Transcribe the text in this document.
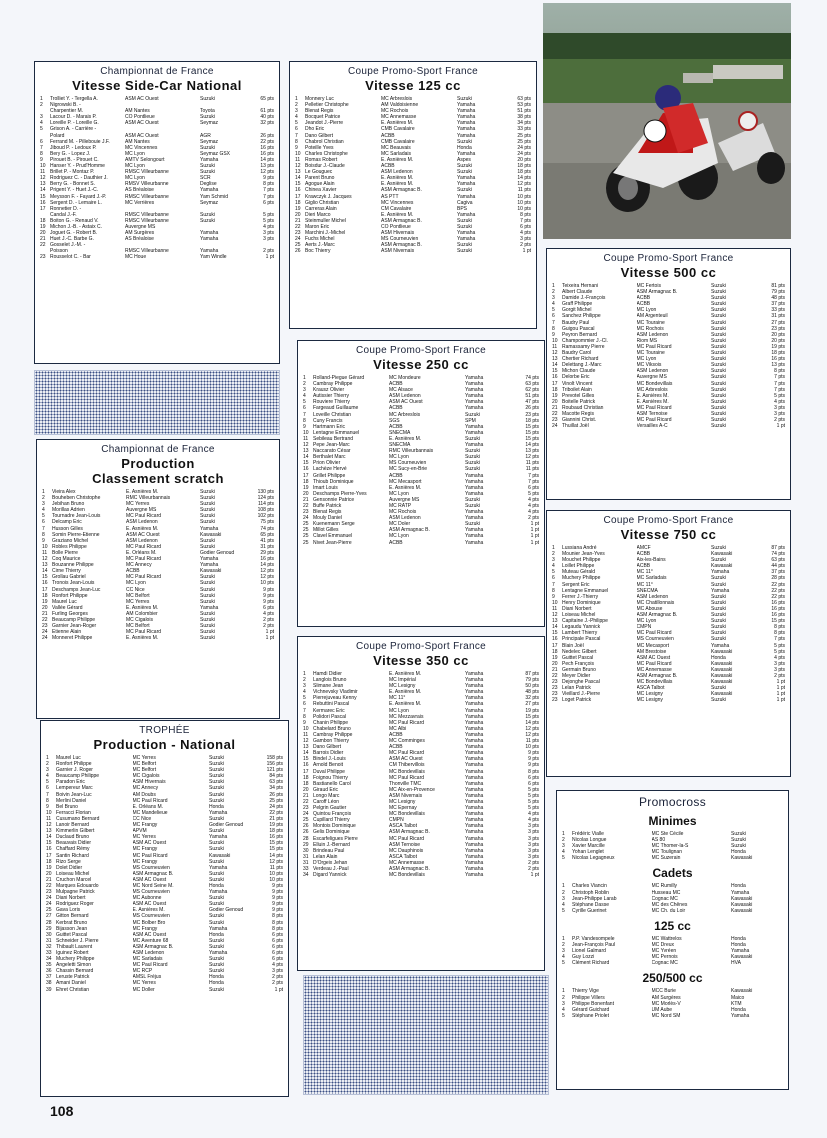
Championnat de France
Vitesse Side-Car National
1	Trolliet Y. - Tergella A.	ASM AC Ouest	Suzuki	65 pts
2	Nigrowski B. -
Charpentier M.	AM Nantes	Toyota	61 pts
3	Lacour D. - Marais P.	CO Pontlieue	Suzuki	40 pts
4	Loreille P. - Loreille G.	ASM AC Ouest	Seymaz	32 pts
5	Grison A. - Carrière -
Polard	ASM AC Ouest	AGR	26 pts
6	Ferrand M. - Pillebouie J.F.	AM Nantes	Seymaz	22 pts
7	Jiboud P. - Ledoux P.	MC Vincennes	Suzuki	16 pts
8	Bery G. - Lopez J.	MC Lyon	Seymaz GSX	16 pts
9	Pirouet B. - Pirouet C.	AMTV Selongourt	Yamaha	14 pts
10 Hanser Y. - Prud'Homme	MC Lyon	Suzuki	13 pts
11 Brillet P. - Montaz P.	RMSC Villeurbanne	Suzuki	12 pts
12 Rodriguez C. - Dauthier J.	MC Lyon	SCR	9 pts
13 Berry G. - Bonnet S.	RMSV Villeurbanne	Deglise	8 pts
14 Prigent Y. - Huet J.-C.	AS Bréaloise	Yamaha	7 pts
15 Meysson F. - Fayard J.-P.	RMSC Villeurbanne	Yam Schmid	7 pts
16 Sergent D. - Lemaire L.	MC Verrières	Seymaz	6 pts
17 Ronnetier D. -
Candal J.-F.	RMSC Villeurbanne	Suzuki	5 pts
18 Boiton G. - Renaud V.	RMSC Villeurbanne	Suzuki	5 pts
19 Michon J.-B. - Astaix C.	Auvergne MS	4 pts
20 Joguet G. - Robert B.	AM Surgères	Yamaha	3 pts
21 Huet J.-C. Barbe G.	AS Bréaloise	Yamaha	3 pts
22 Gosselet J.-M. -
Poisson	RMSC Villeurbanne	Yamaha	2 pts
23 Rousselot C. - Bar	MC Houe	Yam Windle	1 pt
Championnat de France
Production
Classement scratch
1	Vieira Alex	E. Asnières M.	Suzuki	130 pts
2	Bouheben Christophe	RMC Villeurbannais	Suzuki	124 pts
3	Jebihan Bruno	MC Yerres	Suzuki	114 pts
4	Morillas Adrien	Auvergne MS	Suzuki	108 pts
5	Tournadre Jean-Louis	MC Paul Ricard	Suzuki	102 pts
6	Delcamp Eric	ASM Ledenon	Suzuki	75 pts
7	Husson Gilles	E. Asnières M.	Yamaha	74 pts
8	Somin Pierre-Etienne	ASM AC Ouest	Kawasaki	65 pts
9	Graziano Michel	ASM Ledenon	Suzuki	41 pts
10 Robles Philippe	MC Paul Ricard	Suzuki	31 pts
11 Bolle Pierre	E. Orléans M.	Godier Genoud	29 pts
12 Coq Maurice	MC Paul Ricard	Yamaha	16 pts
13 Bouzanne Philippe	MC Annecy	Yamaha	14 pts
14 Cirne Thierry	ACBB	Kawasaki	12 pts
15 Grollau Gabriel	MC Paul Ricard	Suzuki	12 pts
16 Tronois Jean-Louis	MC Lyon	Suzuki	10 pts
17 Deschamps Jean-Luc	CC Nice	Suzuki	9 pts
18 Ronfort Philippe	MC Belfort	Suzuki	9 pts
19 Maurel Luc	MC Yerres	Suzuki	9 pts
20 Vallée Gérard	E. Asnières M.	Yamaha	6 pts
21 Furling Georges	AM Colombier	Suzuki	4 pts
22 Beaucamp Philippe	MC Cigalois	Suzuki	2 pts
23 Garnier Jean-Roger	MC Belfort	Suzuki	2 pts
24 Etienne Alain	MC Paul Ricard	Suzuki	1 pt
24 Monneret Philippe	E. Asnières M.	Suzuki	1 pt
TROPHÉE
Production - National
1	Maurel Luc	MC Yerres	Suzuki	158 pts
2	Ronfort Philippe	MC Belfort	Suzuki	156 pts
3	Garnier J. Roger	MC Belfort	Suzuki	121 pts
4	Beaucamp Philippe	MC Cigalois	Suzuki	84 pts
5	Paradon Eric	ASM Hivernais	Suzuki	63 pts
6	Lempereur Marc	MC Annecy	Suzuki	34 pts
7	Boivin Jean-Luc	AM Doubs	Suzuki	26 pts
8	Merlini Daniel	MC Paul Ricard	Suzuki	25 pts
9	Bel Bruno	E. Orléans M.	Honda	24 pts
10 Ferracci Florian	MC Mandelieue	Yamaha	22 pts
11 Cusumano Bernard	CC Nice	Suzuki	21 pts
12 Lanoir Bernard	MC Frangy	Godier Genoud	19 pts
13 Kimmerlin Gilbert	APVM	Suzuki	18 pts
14 Duclaud Bruno	MC Yerres	Yamaha	16 pts
15 Beauvais Didier	ASM AC Ouest	Suzuki	15 pts
16 Chaffard Rémy	MC Frangy	Suzuki	15 pts
17 Santin Richard	MC Paul Ricard	Kawasaki	14 pts
18 Rizo Serge	MC Frangy	Suzuki	12 pts
19 Dolet Didier	MS Courneuvien	Yamaha	11 pts
20 Loiseau Michel	ASM Armagnac B.	Suzuki	10 pts
21 Cruchon Marcel	ASM AC Ouest	Suzuki	10 pts
22 Marques Edouardo	MC Nord Seine M.	Honda	9 pts
23 Mulpagne Patrick	MS Courneuvien	Yamaha	9 pts
24 Diani Norbert	MC Aubonne	Suzuki	9 pts
24 Rodriguez Roger	ASM AC Ouest	Suzuki	9 pts
25 Gava Loris	E. Asnières M.	Godier Genoud	9 pts
27 Gitton Bernard	MS Courneuvien	Suzuki	8 pts
28 Kerbrat Bruno	MC Bolber Bro	Suzuki	8 pts
29 Bijasson Jean	MC Frangy	Yamaha	8 pts
30 Guittet Pascal	ASM AC Ouest	Honda	6 pts
31 Schneider J. Pierre	MC Aventure 68	Suzuki	6 pts
32 Thibault Laurent	ASM Armagnac B.	Suzuki	6 pts
33 Iguinez Robert	ASM Ledenon	Yamaha	6 pts
34 Muchery Philippe	MC Sarladais	Suzuki	6 pts
35 Angeletti Simon	MC Paul Ricard	Suzuki	4 pts
36 Chassin Bernard	MC RCP	Suzuki	3 pts
37 Leruste Patrick	AMSL Fréjus	Honda	2 pts
38 Amani Daniel	MC Yerres	Honda	2 pts
39 Ehret Christian	MC Doller	Suzuki	1 pt
Coupe Promo-Sport France
Vitesse 125 cc
1	Monnery Luc	MC Arbreslois	Suzuki	63 pts
2	Pelletier Christophe	AM Valdoisienne	Yamaha	53 pts
3	Blenat Regis	MC Rochois	Yamaha	51 pts
4	Bocquet Patrice	MC Annemasse	Yamaha	38 pts
5	Jeandot J.-Pierre	E. Asnières M.	Yamaha	34 pts
6	Dho Eric	CMB Cavalaire	Yamaha	33 pts
7	Dano Gilbert	ACBB	Yamaha	25 pts
8	Chabrol Christian	CMB Cavalaire	Suzuki	25 pts
9	Poteille Yves	MC Beauvais	Honda	24 pts
10 Charles Christophe	MC Sarladais	Yamaha	24 pts
11 Romas Robert	E. Asnières M.	Aspes	20 pts
12 Boisdur J.-Claude	ACBB	Suzuki	18 pts
13 Le Gouguec	ASM Ledenon	Suzuki	18 pts
14 Parent Bruno	E. Asnières M.	Yamaha	14 pts
15 Agogue Alain	E. Asnières M.	Yamaha	12 pts
16 Chinea Xavier	ASM Armagnac B.	Suzuki	11 pts
17 Krawczyk J. Jacques	AS PTT	Yamaha	10 pts
18 Giglio Christian	MC Vincennes	Cagiva	10 pts
19 Carreras Alain	CM Cavalaire	BPS	10 pts
20 Dieri Marco	E. Asnières M.	Yamaha	8 pts
21 Steinmuller Michel	ASM Armagnac B.	Suzuki	7 pts
22 Maron Eric	CO Pontlieue	Suzuki	6 pts
23 Marchini J.-Michel	ASM Hivernais	Yamaha	4 pts
24 Fuchs Michel	MS Courneuvien	Yamaha	3 pts
25 Aerts J.-Marc	ASM Armagnac B.	Suzuki	2 pts
26 Boc Thierry	ASM Nivernais	Suzuki	1 pt
Coupe Promo-Sport France
Vitesse 250 cc
1	Rolland-Piegue Gérard	MC Mondeure	Yamaha	74 pts
2	Cambray Philippe	ACBB	Yamaha	63 pts
3	Krausz Olivier	MC Alsace	Yamaha	62 pts
4	Autissier Thierry	ASM Ledenon	Yamaha	51 pts
5	Rouviere Thierry	ASM AC Ouest	Yamaha	47 pts
6	Fargeaud Guillaume	ACBB	Yamaha	26 pts
7	Loveille Christian	MC Arbreslois	Suzuki	23 pts
8	Cuny Francis	SGS	SPM	18 pts
9	Hartmann Eric	ACBB	Yamaha	15 pts
10 Lentagne Emmanuel	SNECMA	Yamaha	15 pts
11 Sebileau Bertrand	E. Asnières M.	Suzuki	15 pts
12 Pepe Jean-Marc	SNECMA	Yamaha	14 pts
13 Naccarato César	RMC Villeurbannais	Suzuki	13 pts
14 Berthalet Marc	MC Lyon	Suzuki	12 pts
15 Prion Olivier	MS Courneuvien	Suzuki	11 pts
16 Lachèze Hervé	MC Sucy-en-Brie	Suzuki	11 pts
17 Grillet Philippe	ACBB	Yamaha	7 pts
18 Thioub Dominique	MC Mecasport	Yamaha	7 pts
19 Imart Louis	E. Asnières M.	Yamaha	6 pts
20 Deschamps Pierre-Yves	MC Lyon	Yamaha	5 pts
21 Gensonnie Patrice	Auvergne MS	Suzuki	4 pts
22 Buffe Patrick	MC RATP	Suzuki	4 pts
23 Blenat Regis	MC Rochois	Yamaha	4 pts
24 Mouly Daniel	ASM Ledenon	Yamaha	2 pts
25 Kuenemann Serge	MC Doler	Suzuki	1 pt
25 Millot Gilles	ASM Armagnac B.	Yamaha	1 pt
25 Clavel Emmanuel	MC Lyon	Yamaha	1 pt
25 Nivet Jean-Pierre	ACBB	Yamaha	1 pt
Coupe Promo-Sport France
Vitesse 350 cc
1	Hamdi Didier	E. Asnières M.	Yamaha	87 pts
2	Langlois Bruno	MC Impérial	Yamaha	79 pts
3	Slimane Jean	MC Lesigny	Yamaha	50 pts
4	Vichnevsky Vladimir	E. Asnières M.	Yamaha	48 pts
5	Pierrejuveau Kenny	MC 11°	Yamaha	32 pts
6	Rebuttini Pascal	E. Asnières M.	Yamaha	27 pts
7	Kermarec Eric	MC Lyon	Yamaha	19 pts
8	Polidori Pascal	MC Mezzavrais	Yamaha	15 pts
9	Chanin Philippe	MC Paul Ricard	Yamaha	14 pts
10 Chabelard Bruno	MC Albi	Yamaha	12 pts
11 Cambray Philippe	ACBB	Yamaha	12 pts
12 Gambon Thierry	MC Comminges	Yamaha	11 pts
13 Dano Gilbert	ACBB	Yamaha	10 pts
14 Barrois Didier	MC Paul Ricard	Yamaha	9 pts
15 Bindel J.-Louis	ASM AC Ouest	Yamaha	9 pts
16 Arnold Benoit	CM Thibervillois	Yamaha	9 pts
17 Duval Philippe	MC Bondevillais	Yamaha	8 pts
18 Foignou Thierry	MC Paul Ricard	Yamaha	6 pts
18 Bastianello Carol	Thonville TMC	Yamaha	6 pts
20 Giraud Eric	MC Aix-en-Provence	Yamaha	5 pts
21 Longo Marc	ASM Nivernais	Yamaha	5 pts
22 Caroff Léon	MC Lesigny	Yamaha	5 pts
23 Pelgrin Gautier	MC Epernay	Yamaha	5 pts
24 Quintou François	MC Bondevillais	Yamaha	4 pts
25 Cupillard Thierry	CMPN	Yamaha	4 pts
26 Montois Dominique	ASCA Talbot	Yamaha	3 pts
26 Gelis Dominique	ASM Armagnac B.	Yamaha	3 pts
28 Escarfeligues Pierre	MC Paul Ricard	Yamaha	3 pts
29 Elluin J.-Bernard	ASM Ternoise	Yamaha	3 pts
30 Brindeau Paul	MC Dauphinois	Yamaha	3 pts
31 Lelan Alain	ASCA Talbot	Yamaha	3 pts
31 D'Orgeix Jehan	MC Annemasse	Yamaha	2 pts
33 Verdeau J.-Paul	ASM Armagnac B.	Yamaha	2 pts
34 Digard Yannick	MC Bondevillais	Yamaha	1 pt
Coupe Promo-Sport France
Vitesse 500 cc
1	Teixeira Hernani	MC Fertois	Suzuki	81 pts
2	Albert Claude	ASM Armagnac B.	Suzuki	79 pts
3	Damide J.-François	ACBB	Suzuki	48 pts
4	Graff Philippe	ACBB	Suzuki	37 pts
5	Gorgit Michel	MC Lyon	Suzuki	33 pts
6	Sanchez Philippe	AM Argenteuil	Suzuki	31 pts
7	Baudry Paul	MC Touraine	Suzuki	27 pts
8	Guigou Pascal	MC Rochois	Suzuki	23 pts
9	Peyron Bernard	ASM Ledenon	Suzuki	20 pts
10 Champommier J.-Cl.	Riom MS	Suzuki	20 pts
11 Ramassamy Pierre	MC Paul Ricard	Suzuki	19 pts
12 Baudry Carol	MC Touraine	Suzuki	18 pts
13 Chertier Richard	MC Lyon	Suzuki	16 pts
14 Delettang J.-Marc	MC Viksois	Suzuki	13 pts
15 Michon Claude	ASM Ledenon	Suzuki	8 pts
16 Delorbe Eric	Auvergne MS	Suzuki	7 pts
17 Vinolt Vincent	MC Bondevillais	Suzuki	7 pts
18 Triboilet Alain	MC Arbreslois	Suzuki	7 pts
19 Prevotel Gilles	E. Asnières M.	Suzuki	5 pts
20 Boitelle Patrick	E. Asnières M.	Suzuki	4 pts
21 Roubaud Christian	MC Paul Ricard	Suzuki	3 pts
22 Macotte Regis	ASM Ternoise	Suzuki	3 pts
23 Giannini Christ.	MC Paul Ricard	Suzuki	2 pts
24 Thuillat Joël	Versailles A-C	Suzuki	1 pt
Coupe Promo-Sport France
Vitesse 750 cc
1	Lussiana André	AMCF	Suzuki	87 pts
2	Mounier Jean-Yves	ACBB	Kawasaki	74 pts
3	Mouchet Philippe	Aix-les-Bains	Suzuki	63 pts
4	Loillet Philippe	ACBB	Kawasaki	44 pts
5	Muteau Gérald	MC 11°	Yamaha	37 pts
6	Muchery Philippe	MC Sarladais	Suzuki	28 pts
7	Sergent Eric	MC 11°	Suzuki	22 pts
8	Lentagne Emmanuel	SNECMA	Yamaha	22 pts
9	Ferrer J.-Thierry	ASM Ledenon	Suzuki	22 pts
10 Henry Dominique	MC Chatillonnais	Suzuki	16 pts
11 Diani Norbert	MC Abouse	Suzuki	16 pts
12 Loiseau Michel	ASM Armagnac B.	Suzuki	16 pts
13 Capitaine J.-Philippe	MC Lyon	Suzuki	15 pts
14 Legaudu Yannick	CMPN	Suzuki	8 pts
15 Lambert Thierry	MC Paul Ricard	Suzuki	8 pts
16 Principale Pascal	MS Courneuvien	Suzuki	7 pts
17 Blain Joël	MC Mecasport	Yamaha	5 pts
18 Nedelec Gilbert	AM Brestoise	Kawasaki	5 pts
19 Guittet Pascal	ASM AC Ouest	Honda	4 pts
20 Pech François	MC Paul Ricard	Kawasaki	3 pts
21 Germain Bruno	MC Annemasse	Kawasaki	3 pts
22 Meyer Didier	ASM Armagnac B.	Kawasaki	2 pts
23 Dejonghe Pascal	MC Bondevillais	Kawasaki	1 pt
23 Lelan Patrick	ASCA Talbot	Suzuki	1 pt
23 Vieillard J.-Pierre	MC Lesigny	Kawasaki	1 pt
23 Loget Patrick	MC Lesigny	Suzuki	1 pt
Promocross
Minimes
1	Frédéric Vialle	MC Ste Cécile	Suzuki
2	Nicolas Longue	AS 80	Suzuki
3	Xavier Marcille	MC Thomer-la-S	Suzuki
4	Yohan Lenglet	MC Toulignan	Honda
5	Nicolas Legagneux	MC Suzerain	Kawasaki
Cadets
1	Charles Viancin	MC Rumilly	Honda
2	Christoph Roblin	Husseau MC	Yamaha
3	Jean-Philippe Larab	Cognac MC	Kawasaki
4	Stéphane Dasse	MC des Chênes	Kawasaki
5	Cyrille Guerinet	MC Ch. du Loir	Kawasaki
125 cc
1	P.P. Vandesompele	MC Wattrelos	Honda
2	Jean-François Paul	MC Dreux	Honda
3	Lionel Galmard	MC Yvréen	Yamaha
4	Guy Lozzi	MC Pernois	Kawasaki
5	Clément Richard	Cognac MC	HVA
250/500 cc
1	Thierry Vige	MCC Burie	Kawasaki
2	Philippe Villers	AM Surgères	Maico
3	Philippe Bonenfant	MC Morlès-V	KTM
4	Gérard Guichard	UM Aube	Honda
5	Stéphane Priolet	MC Nord SM	Yamaha
108
